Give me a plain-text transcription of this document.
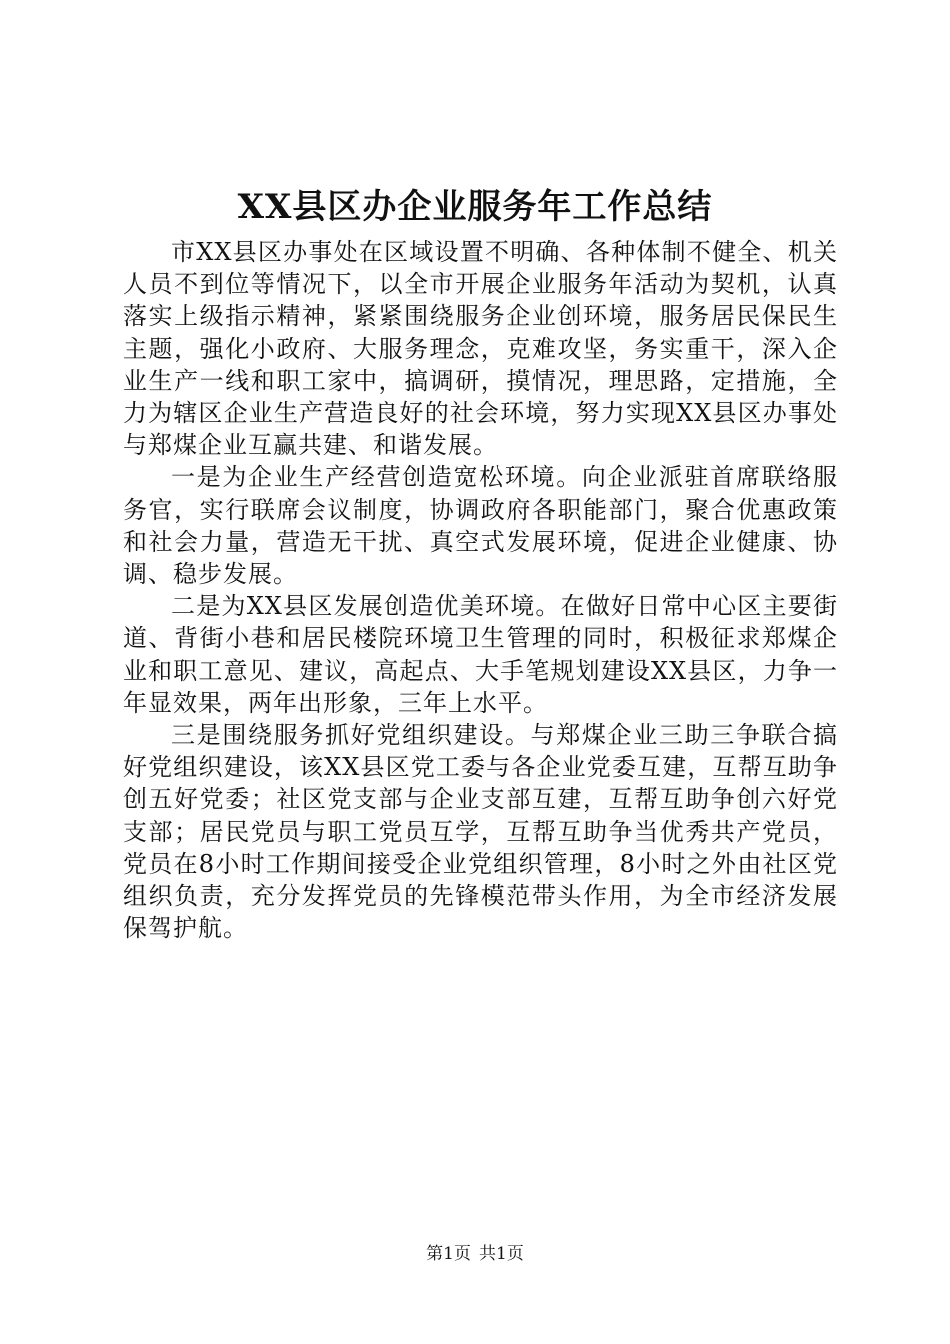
XX县区办企业服务年工作总结

市XX县区办事处在区域设置不明确、各种体制不健全、机关人员不到位等情况下，以全市开展企业服务年活动为契机，认真落实上级指示精神，紧紧围绕服务企业创环境，服务居民保民生主题，强化小政府、大服务理念，克难攻坚，务实重干，深入企业生产一线和职工家中，搞调研，摸情况，理思路，定措施，全力为辖区企业生产营造良好的社会环境，努力实现XX县区办事处与郑煤企业互赢共建、和谐发展。

一是为企业生产经营创造宽松环境。向企业派驻首席联络服务官，实行联席会议制度，协调政府各职能部门，聚合优惠政策和社会力量，营造无干扰、真空式发展环境，促进企业健康、协调、稳步发展。

二是为XX县区发展创造优美环境。在做好日常中心区主要街道、背街小巷和居民楼院环境卫生管理的同时，积极征求郑煤企业和职工意见、建议，高起点、大手笔规划建设XX县区，力争一年显效果，两年出形象，三年上水平。

三是围绕服务抓好党组织建设。与郑煤企业三助三争联合搞好党组织建设，该XX县区党工委与各企业党委互建，互帮互助争创五好党委；社区党支部与企业支部互建，互帮互助争创六好党支部；居民党员与职工党员互学，互帮互助争当优秀共产党员，党员在8小时工作期间接受企业党组织管理，8小时之外由社区党组织负责，充分发挥党员的先锋模范带头作用，为全市经济发展保驾护航。

第1页 共1页
